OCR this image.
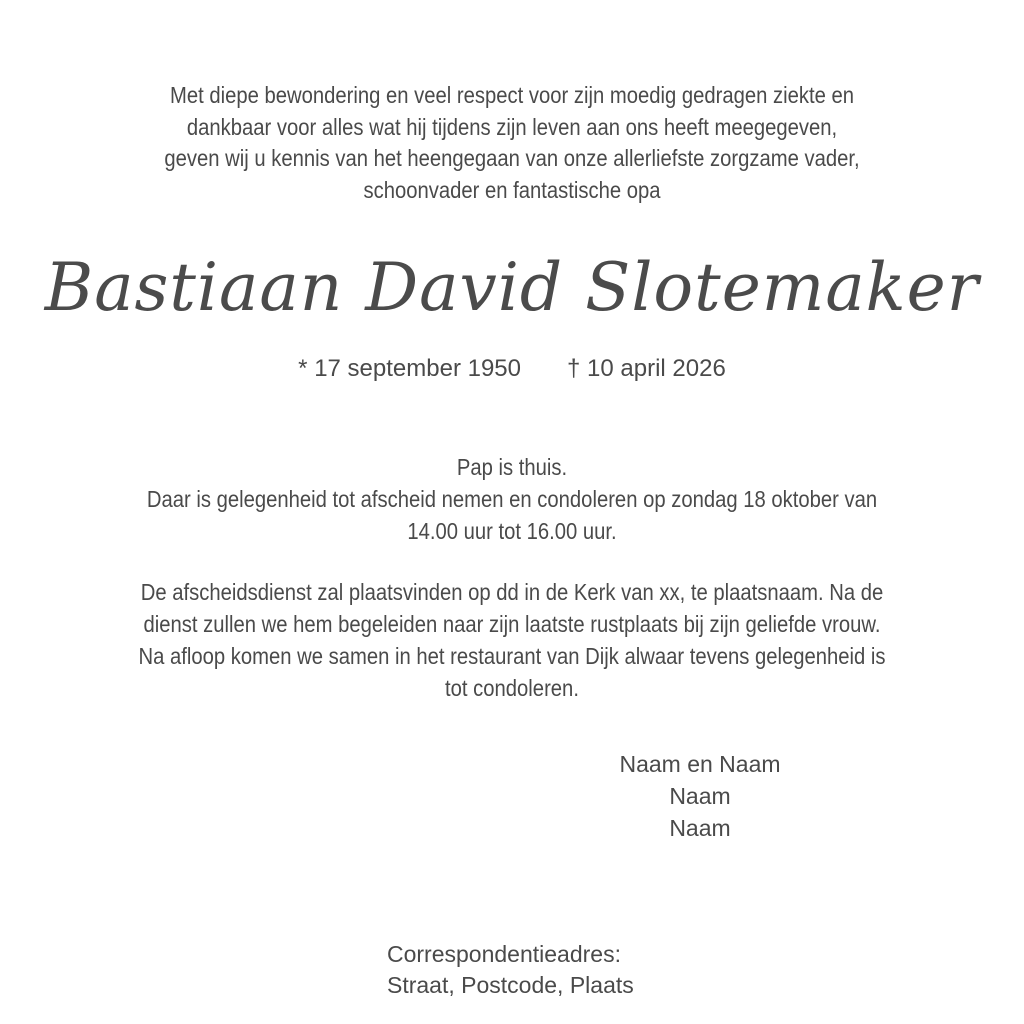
Met diepe bewondering en veel respect voor zijn moedig gedragen ziekte en
dankbaar voor alles wat hij tijdens zijn leven aan ons heeft meegegeven,
geven wij u kennis van het heengegaan van onze allerliefste zorgzame vader,
schoonvader en fantastische opa
Bastiaan David Slotemaker
* 17 september 1950 † 10 april 2026
Pap is thuis.
Daar is gelegenheid tot afscheid nemen en condoleren op zondag 18 oktober van
14.00 uur tot 16.00 uur.
De afscheidsdienst zal plaatsvinden op dd in de Kerk van xx, te plaatsnaam. Na de
dienst zullen we hem begeleiden naar zijn laatste rustplaats bij zijn geliefde vrouw.
Na afloop komen we samen in het restaurant van Dijk alwaar tevens gelegenheid is
tot condoleren.
Naam en Naam
Naam
Naam
Correspondentieadres:
Straat, Postcode, Plaats
